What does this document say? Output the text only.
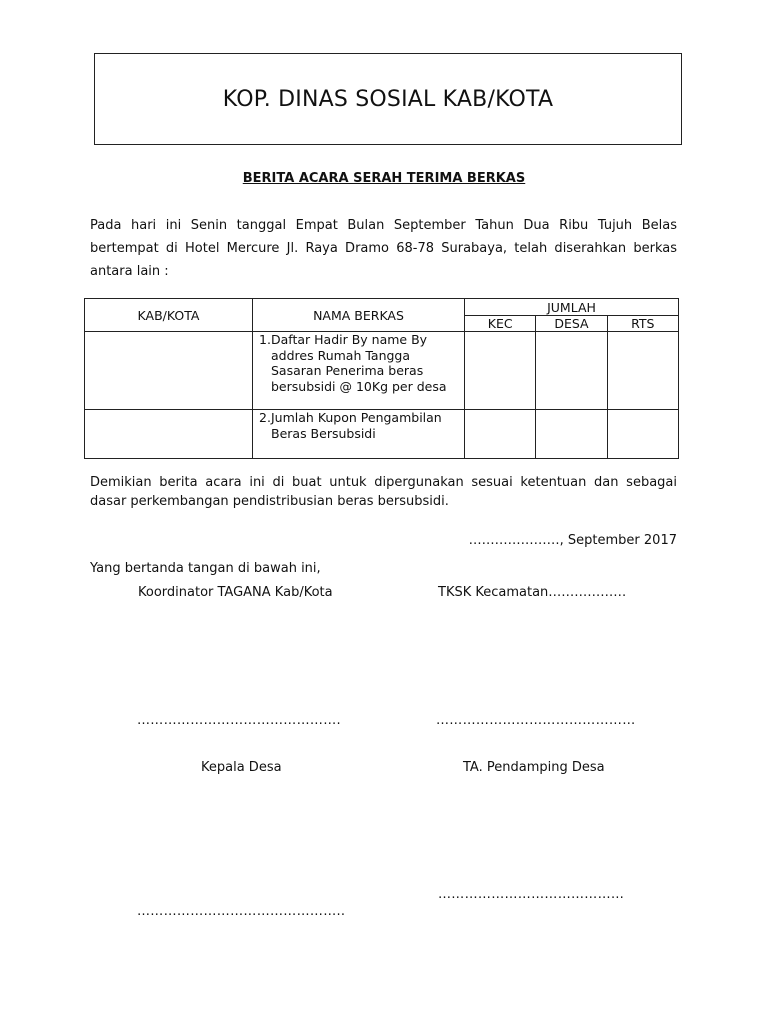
KOP. DINAS SOSIAL KAB/KOTA
BERITA ACARA SERAH TERIMA BERKAS
Pada hari ini Senin tanggal Empat Bulan September Tahun Dua Ribu Tujuh Belas bertempat di Hotel Mercure Jl. Raya Dramo 68-78 Surabaya, telah diserahkan berkas antara lain :
KAB/KOTA	NAMA BERKAS	JUMLAH		
		KEC	DESA	RTS

	1. Daftar Hadir By name By addres Rumah Tangga Sasaran Penerima beras bersubsidi @ 10Kg per desa			

	2. Jumlah Kupon Pengambilan Beras Bersubsidi			

Demikian berita acara ini di buat untuk dipergunakan sesuai ketentuan dan sebagai dasar perkembangan pendistribusian beras bersubsidi.
…………………, September 2017
Yang bertanda tangan di bawah ini,
Koordinator TAGANA Kab/Kota	TKSK Kecamatan………………
……………………………………….	………………………………………
Kepala Desa	TA. Pendamping Desa
……………………………………
………………………………………..
